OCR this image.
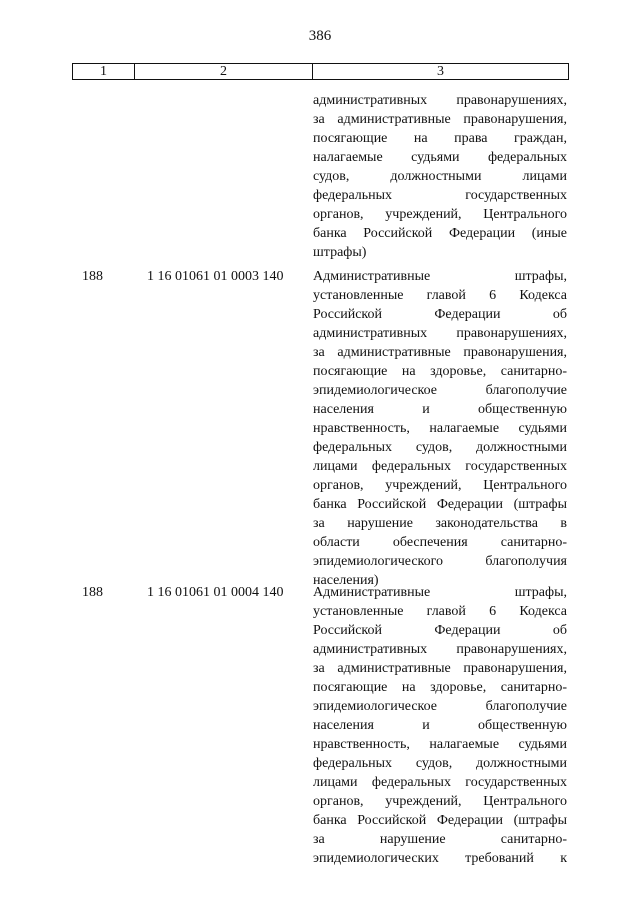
386
1	2	3
административных правонарушениях,
за административные правонарушения,
посягающие на права граждан,
налагаемые судьями федеральных
судов, должностными лицами
федеральных государственных
органов, учреждений, Центрального
банка Российской Федерации (иные
штрафы)
188	1 16 01061 01 0003 140 Административные штрафы,
установленные главой 6 Кодекса
Российской Федерации об
административных правонарушениях,
за административные правонарушения,
посягающие на здоровье, санитарно-
эпидемиологическое благополучие
населения и общественную
нравственность, налагаемые судьями
федеральных судов, должностными
лицами федеральных государственных
органов, учреждений, Центрального
банка Российской Федерации (штрафы
за нарушение законодательства в
области обеспечения санитарно-
эпидемиологического благополучия
населения)
188	1 16 01061 01 0004 140 Административные штрафы,
установленные главой 6 Кодекса
Российской Федерации об
административных правонарушениях,
за административные правонарушения,
посягающие на здоровье, санитарно-
эпидемиологическое благополучие
населения и общественную
нравственность, налагаемые судьями
федеральных судов, должностными
лицами федеральных государственных
органов, учреждений, Центрального
банка Российской Федерации (штрафы
за нарушение санитарно-
эпидемиологических требований к
